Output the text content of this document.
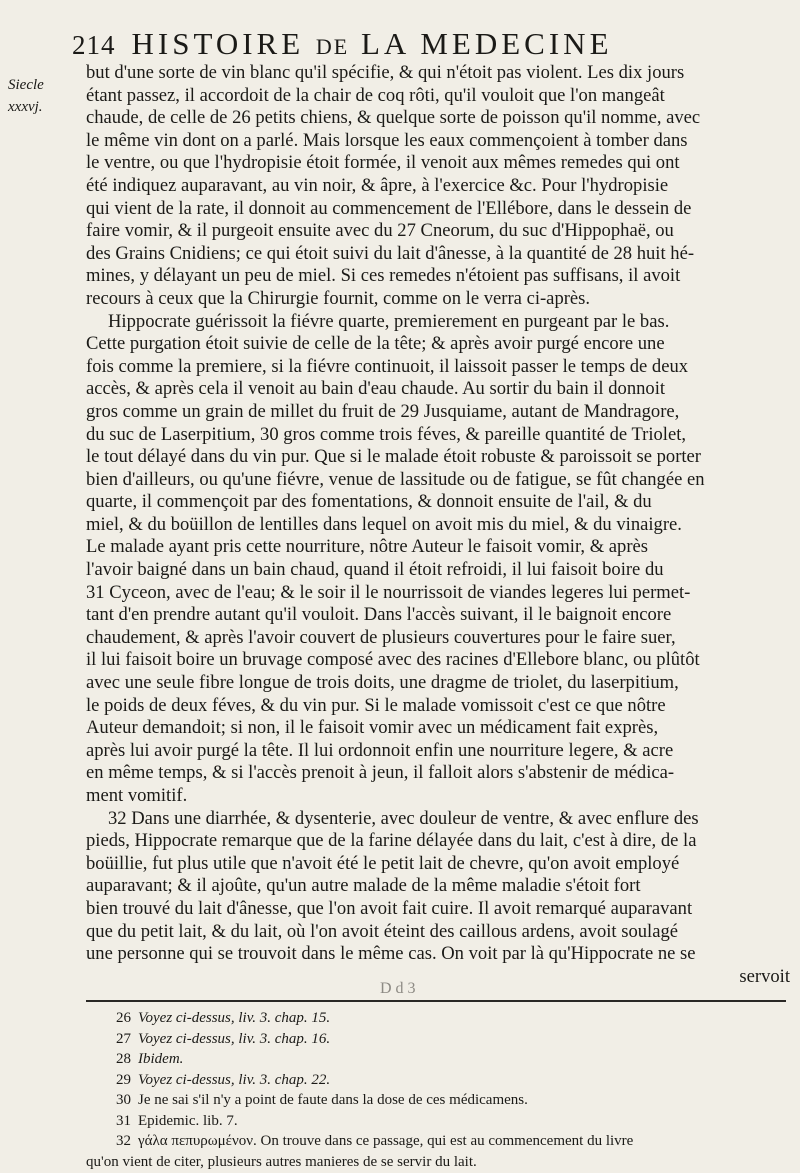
214 HISTOIRE DE LA MEDECINE
Siecle
xxxvj.
but d'une sorte de vin blanc qu'il spécifie, & qui n'étoit pas violent. Les dix jours
étant passez, il accordoit de la chair de coq rôti, qu'il vouloit que l'on mangeât
chaude, de celle de 26 petits chiens, & quelque sorte de poisson qu'il nomme, avec
le même vin dont on a parlé. Mais lorsque les eaux commençoient à tomber dans
le ventre, ou que l'hydropisie étoit formée, il venoit aux mêmes remedes qui ont
été indiquez auparavant, au vin noir, & âpre, à l'exercice &c. Pour l'hydropisie
qui vient de la rate, il donnoit au commencement de l'Ellébore, dans le dessein de
faire vomir, & il purgeoit ensuite avec du 27 Cneorum, du suc d'Hippophaë, ou
des Grains Cnidiens; ce qui étoit suivi du lait d'ânesse, à la quantité de 28 huit hé-
mines, y délayant un peu de miel. Si ces remedes n'étoient pas suffisans, il avoit
recours à ceux que la Chirurgie fournit, comme on le verra ci-après.
Hippocrate guérissoit la fiévre quarte, premierement en purgeant par le bas.
Cette purgation étoit suivie de celle de la tête; & après avoir purgé encore une
fois comme la premiere, si la fiévre continuoit, il laissoit passer le temps de deux
accès, & après cela il venoit au bain d'eau chaude. Au sortir du bain il donnoit
gros comme un grain de millet du fruit de 29 Jusquiame, autant de Mandragore,
du suc de Laserpitium, 30 gros comme trois féves, & pareille quantité de Triolet,
le tout délayé dans du vin pur. Que si le malade étoit robuste & paroissoit se porter
bien d'ailleurs, ou qu'une fiévre, venue de lassitude ou de fatigue, se fût changée en
quarte, il commençoit par des fomentations, & donnoit ensuite de l'ail, & du
miel, & du boüillon de lentilles dans lequel on avoit mis du miel, & du vinaigre.
Le malade ayant pris cette nourriture, nôtre Auteur le faisoit vomir, & après
l'avoir baigné dans un bain chaud, quand il étoit refroidi, il lui faisoit boire du
31 Cyceon, avec de l'eau; & le soir il le nourrissoit de viandes legeres lui permet-
tant d'en prendre autant qu'il vouloit. Dans l'accès suivant, il le baignoit encore
chaudement, & après l'avoir couvert de plusieurs couvertures pour le faire suer,
il lui faisoit boire un bruvage composé avec des racines d'Ellebore blanc, ou plûtôt
avec une seule fibre longue de trois doits, une dragme de triolet, du laserpitium,
le poids de deux féves, & du vin pur. Si le malade vomissoit c'est ce que nôtre
Auteur demandoit; si non, il le faisoit vomir avec un médicament fait exprès,
après lui avoir purgé la tête. Il lui ordonnoit enfin une nourriture legere, & acre
en même temps, & si l'accès prenoit à jeun, il falloit alors s'abstenir de médica-
ment vomitif.
32 Dans une diarrhée, & dysenterie, avec douleur de ventre, & avec enflure des
pieds, Hippocrate remarque que de la farine délayée dans du lait, c'est à dire, de la
boüillie, fut plus utile que n'avoit été le petit lait de chevre, qu'on avoit employé
auparavant; & il ajoûte, qu'un autre malade de la même maladie s'étoit fort
bien trouvé du lait d'ânesse, que l'on avoit fait cuire. Il avoit remarqué auparavant
que du petit lait, & du lait, où l'on avoit éteint des caillous ardens, avoit soulagé
une personne qui se trouvoit dans le même cas. On voit par là qu'Hippocrate ne se
servoit
D d 3
26 Voyez ci-dessus, liv. 3. chap. 15.
27 Voyez ci-dessus, liv. 3. chap. 16.
28 Ibidem.
29 Voyez ci-dessus, liv. 3. chap. 22.
30 Je ne sai s'il n'y a point de faute dans la dose de ces médicamens.
31 Epidemic. lib. 7.
32 γάλα πεπυρωμένον. On trouve dans ce passage, qui est au commencement du livre
qu'on vient de citer, plusieurs autres manieres de se servir du lait.
